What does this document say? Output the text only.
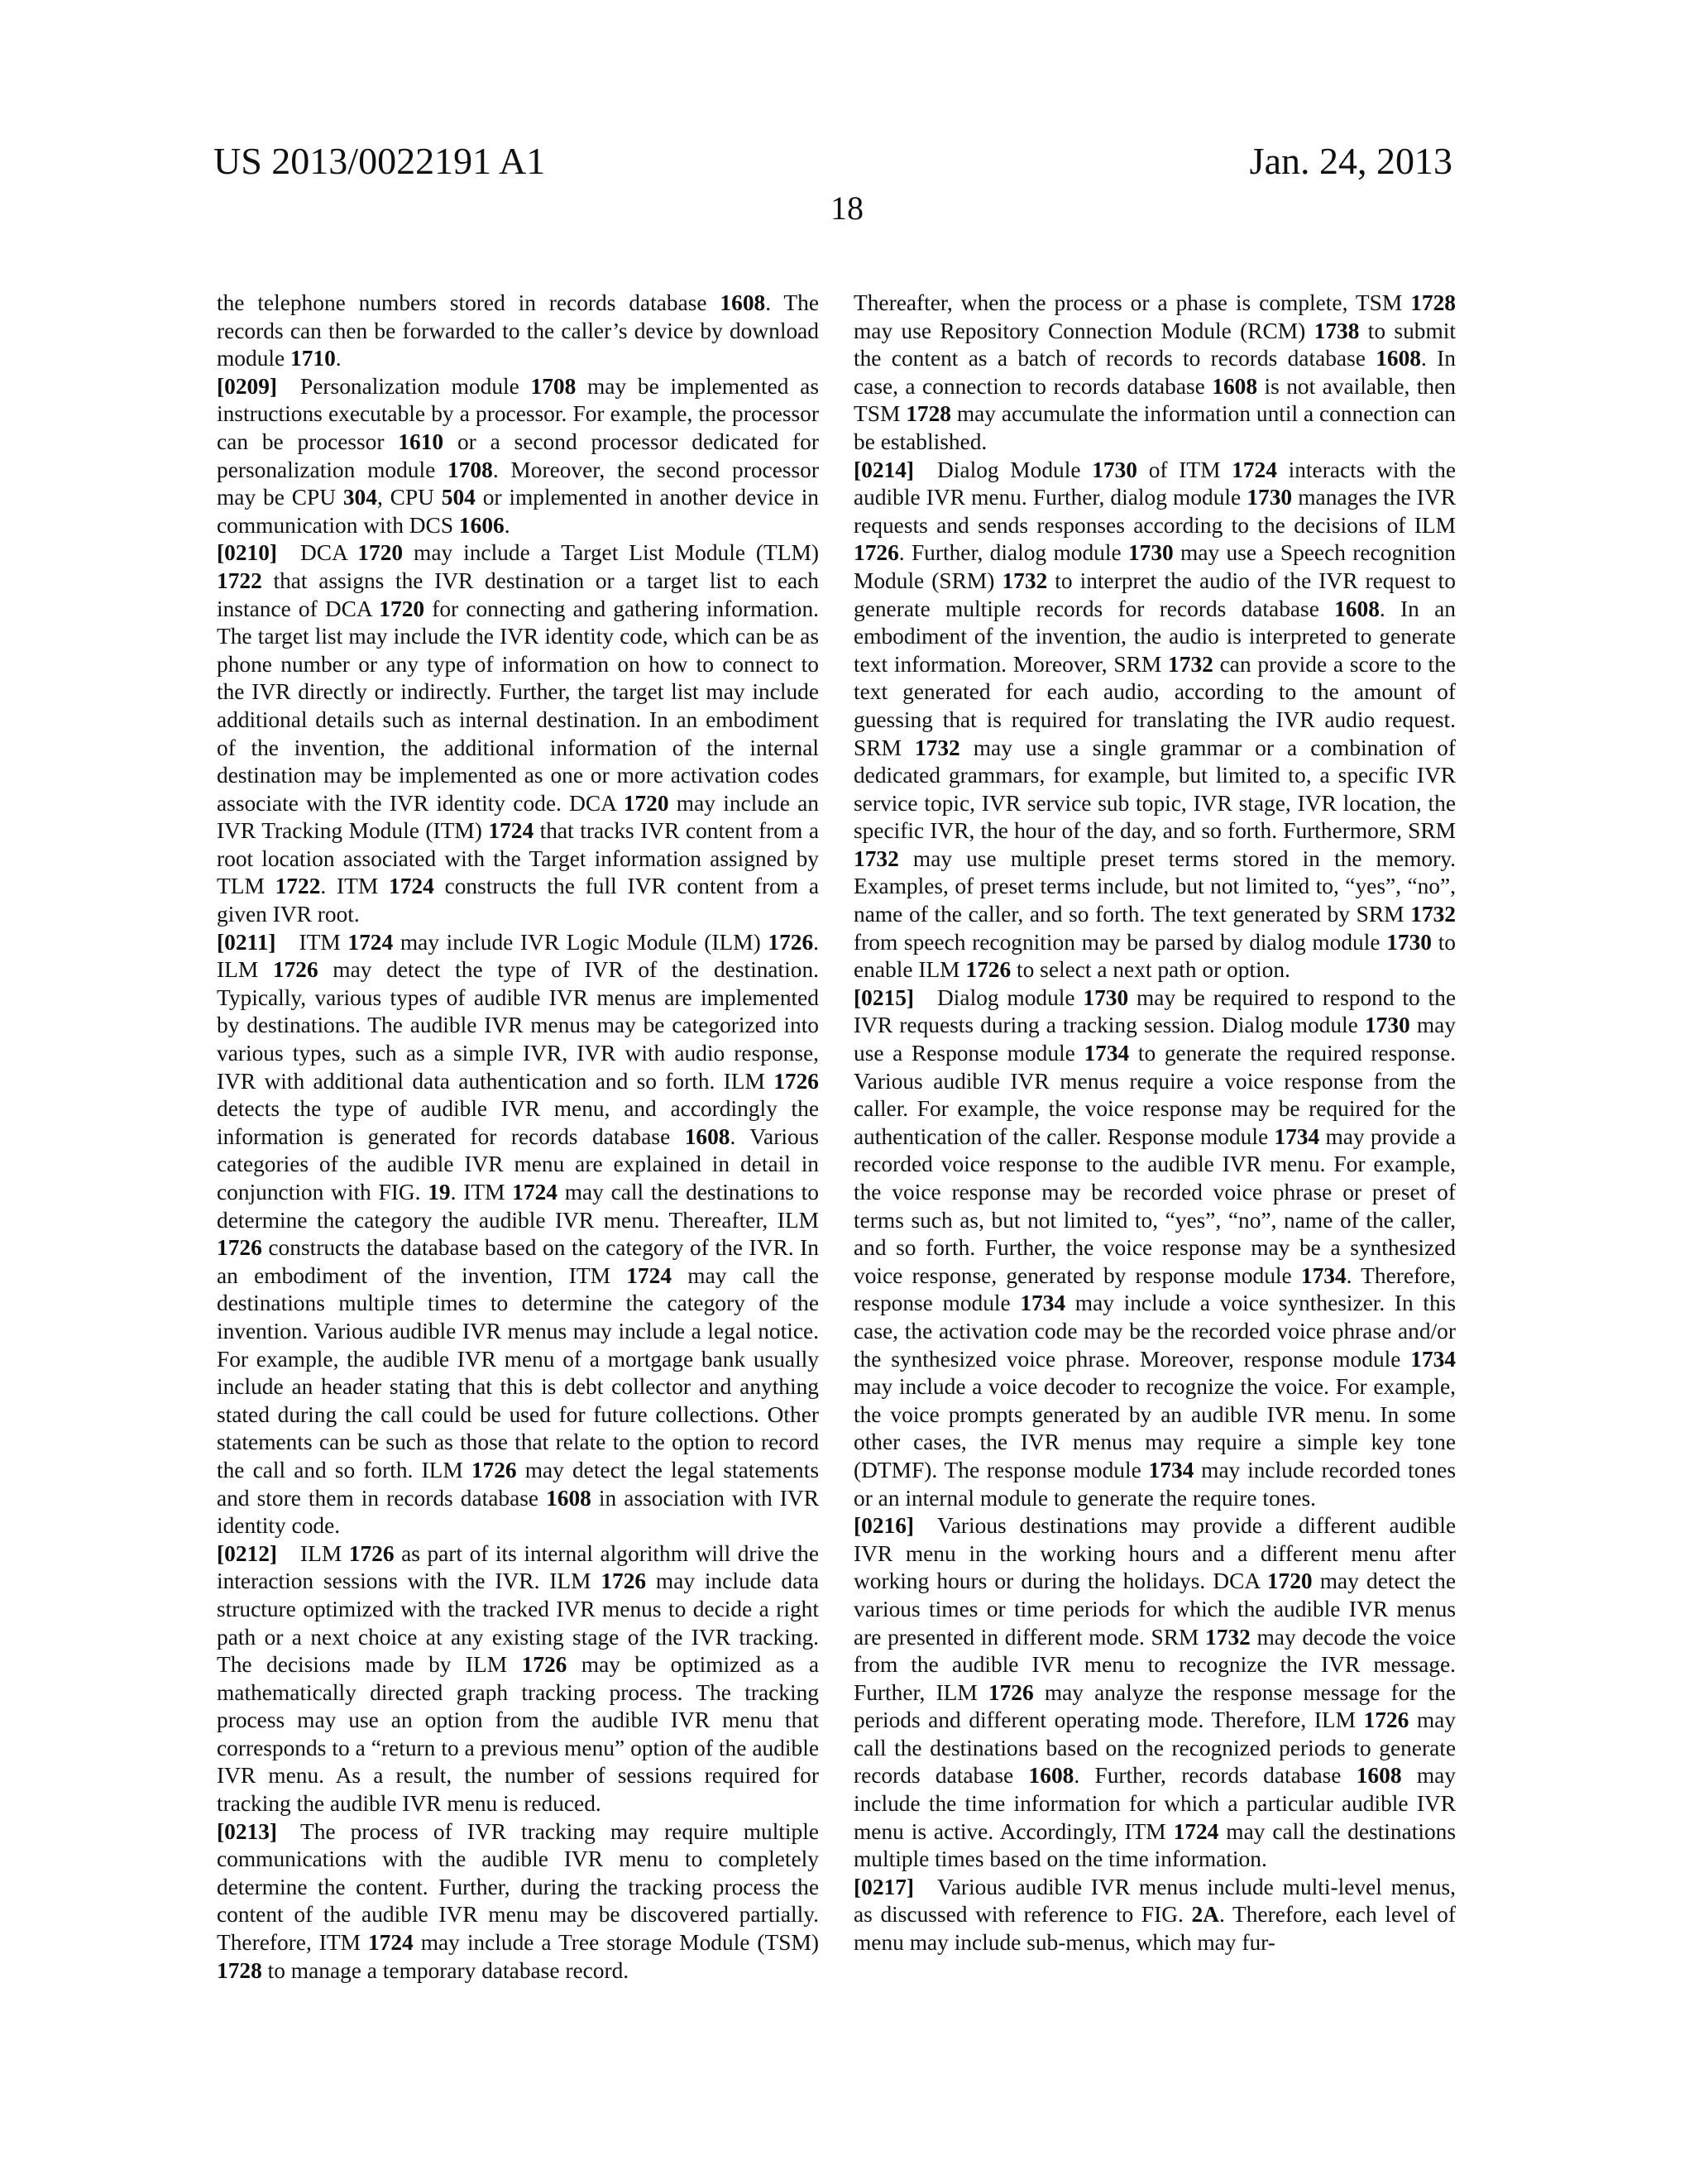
US 2013/0022191 A1	Jan. 24, 2013
18

the telephone numbers stored in records database 1608. The records can then be forwarded to the caller’s device by download module 1710.

[0209] Personalization module 1708 may be implemented as instructions executable by a processor. For example, the processor can be processor 1610 or a second processor dedicated for personalization module 1708. Moreover, the second processor may be CPU 304, CPU 504 or implemented in another device in communication with DCS 1606.

[0210] DCA 1720 may include a Target List Module (TLM) 1722 that assigns the IVR destination or a target list to each instance of DCA 1720 for connecting and gathering information. The target list may include the IVR identity code, which can be as phone number or any type of information on how to connect to the IVR directly or indirectly. Further, the target list may include additional details such as internal destination. In an embodiment of the invention, the additional information of the internal destination may be implemented as one or more activation codes associate with the IVR identity code. DCA 1720 may include an IVR Tracking Module (ITM) 1724 that tracks IVR content from a root location associated with the Target information assigned by TLM 1722. ITM 1724 constructs the full IVR content from a given IVR root.

[0211] ITM 1724 may include IVR Logic Module (ILM) 1726. ILM 1726 may detect the type of IVR of the destination. Typically, various types of audible IVR menus are implemented by destinations. The audible IVR menus may be categorized into various types, such as a simple IVR, IVR with audio response, IVR with additional data authentication and so forth. ILM 1726 detects the type of audible IVR menu, and accordingly the information is generated for records database 1608. Various categories of the audible IVR menu are explained in detail in conjunction with FIG. 19. ITM 1724 may call the destinations to determine the category the audible IVR menu. Thereafter, ILM 1726 constructs the database based on the category of the IVR. In an embodiment of the invention, ITM 1724 may call the destinations multiple times to determine the category of the invention. Various audible IVR menus may include a legal notice. For example, the audible IVR menu of a mortgage bank usually include an header stating that this is debt collector and anything stated during the call could be used for future collections. Other statements can be such as those that relate to the option to record the call and so forth. ILM 1726 may detect the legal statements and store them in records database 1608 in association with IVR identity code.

[0212] ILM 1726 as part of its internal algorithm will drive the interaction sessions with the IVR. ILM 1726 may include data structure optimized with the tracked IVR menus to decide a right path or a next choice at any existing stage of the IVR tracking. The decisions made by ILM 1726 may be optimized as a mathematically directed graph tracking process. The tracking process may use an option from the audible IVR menu that corresponds to a “return to a previous menu” option of the audible IVR menu. As a result, the number of sessions required for tracking the audible IVR menu is reduced.

[0213] The process of IVR tracking may require multiple communications with the audible IVR menu to completely determine the content. Further, during the tracking process the content of the audible IVR menu may be discovered partially. Therefore, ITM 1724 may include a Tree storage Module (TSM) 1728 to manage a temporary database record.

Thereafter, when the process or a phase is complete, TSM 1728 may use Repository Connection Module (RCM) 1738 to submit the content as a batch of records to records database 1608. In case, a connection to records database 1608 is not available, then TSM 1728 may accumulate the information until a connection can be established.

[0214] Dialog Module 1730 of ITM 1724 interacts with the audible IVR menu. Further, dialog module 1730 manages the IVR requests and sends responses according to the decisions of ILM 1726. Further, dialog module 1730 may use a Speech recognition Module (SRM) 1732 to interpret the audio of the IVR request to generate multiple records for records database 1608. In an embodiment of the invention, the audio is interpreted to generate text information. Moreover, SRM 1732 can provide a score to the text generated for each audio, according to the amount of guessing that is required for translating the IVR audio request. SRM 1732 may use a single grammar or a combination of dedicated grammars, for example, but limited to, a specific IVR service topic, IVR service sub topic, IVR stage, IVR location, the specific IVR, the hour of the day, and so forth. Furthermore, SRM 1732 may use multiple preset terms stored in the memory. Examples, of preset terms include, but not limited to, “yes”, “no”, name of the caller, and so forth. The text generated by SRM 1732 from speech recognition may be parsed by dialog module 1730 to enable ILM 1726 to select a next path or option.

[0215] Dialog module 1730 may be required to respond to the IVR requests during a tracking session. Dialog module 1730 may use a Response module 1734 to generate the required response. Various audible IVR menus require a voice response from the caller. For example, the voice response may be required for the authentication of the caller. Response module 1734 may provide a recorded voice response to the audible IVR menu. For example, the voice response may be recorded voice phrase or preset of terms such as, but not limited to, “yes”, “no”, name of the caller, and so forth. Further, the voice response may be a synthesized voice response, generated by response module 1734. Therefore, response module 1734 may include a voice synthesizer. In this case, the activation code may be the recorded voice phrase and/or the synthesized voice phrase. Moreover, response module 1734 may include a voice decoder to recognize the voice. For example, the voice prompts generated by an audible IVR menu. In some other cases, the IVR menus may require a simple key tone (DTMF). The response module 1734 may include recorded tones or an internal module to generate the require tones.

[0216] Various destinations may provide a different audible IVR menu in the working hours and a different menu after working hours or during the holidays. DCA 1720 may detect the various times or time periods for which the audible IVR menus are presented in different mode. SRM 1732 may decode the voice from the audible IVR menu to recognize the IVR message. Further, ILM 1726 may analyze the response message for the periods and different operating mode. Therefore, ILM 1726 may call the destinations based on the recognized periods to generate records database 1608. Further, records database 1608 may include the time information for which a particular audible IVR menu is active. Accordingly, ITM 1724 may call the destinations multiple times based on the time information.

[0217] Various audible IVR menus include multi-level menus, as discussed with reference to FIG. 2A. Therefore, each level of menu may include sub-menus, which may fur-
